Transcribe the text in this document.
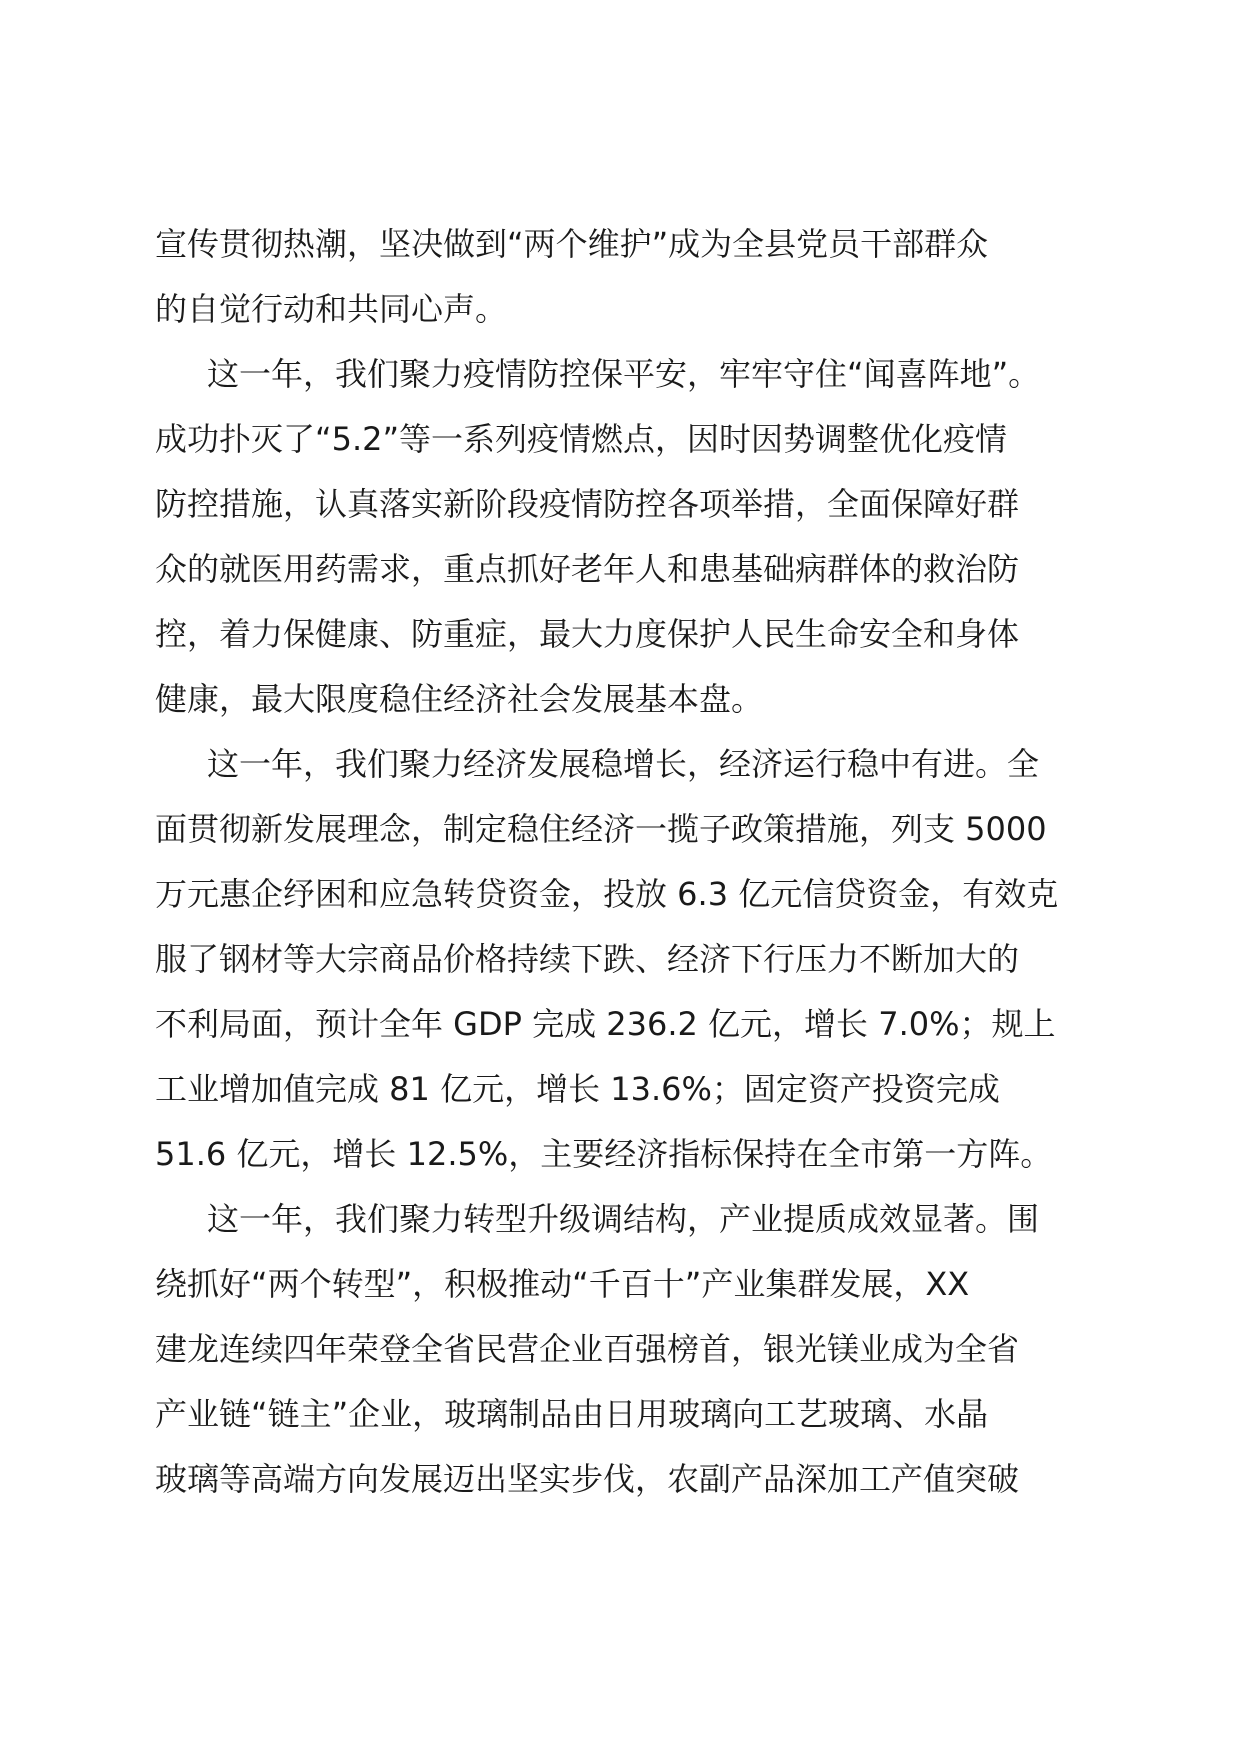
宣传贯彻热潮，坚决做到“两个维护”成为全县党员干部群众
的自觉行动和共同心声。
这一年，我们聚力疫情防控保平安，牢牢守住“闻喜阵地”。
成功扑灭了“5.2”等一系列疫情燃点，因时因势调整优化疫情
防控措施，认真落实新阶段疫情防控各项举措，全面保障好群
众的就医用药需求，重点抓好老年人和患基础病群体的救治防
控，着力保健康、防重症，最大力度保护人民生命安全和身体
健康，最大限度稳住经济社会发展基本盘。
这一年，我们聚力经济发展稳增长，经济运行稳中有进。全
面贯彻新发展理念，制定稳住经济一揽子政策措施，列支 5000
万元惠企纾困和应急转贷资金，投放 6.3 亿元信贷资金，有效克
服了钢材等大宗商品价格持续下跌、经济下行压力不断加大的
不利局面，预计全年 GDP 完成 236.2 亿元，增长 7.0%；规上
工业增加值完成 81 亿元，增长 13.6%；固定资产投资完成
51.6 亿元，增长 12.5%，主要经济指标保持在全市第一方阵。
这一年，我们聚力转型升级调结构，产业提质成效显著。围
绕抓好“两个转型”，积极推动“千百十”产业集群发展，XX
建龙连续四年荣登全省民营企业百强榜首，银光镁业成为全省
产业链“链主”企业，玻璃制品由日用玻璃向工艺玻璃、水晶
玻璃等高端方向发展迈出坚实步伐，农副产品深加工产值突破
